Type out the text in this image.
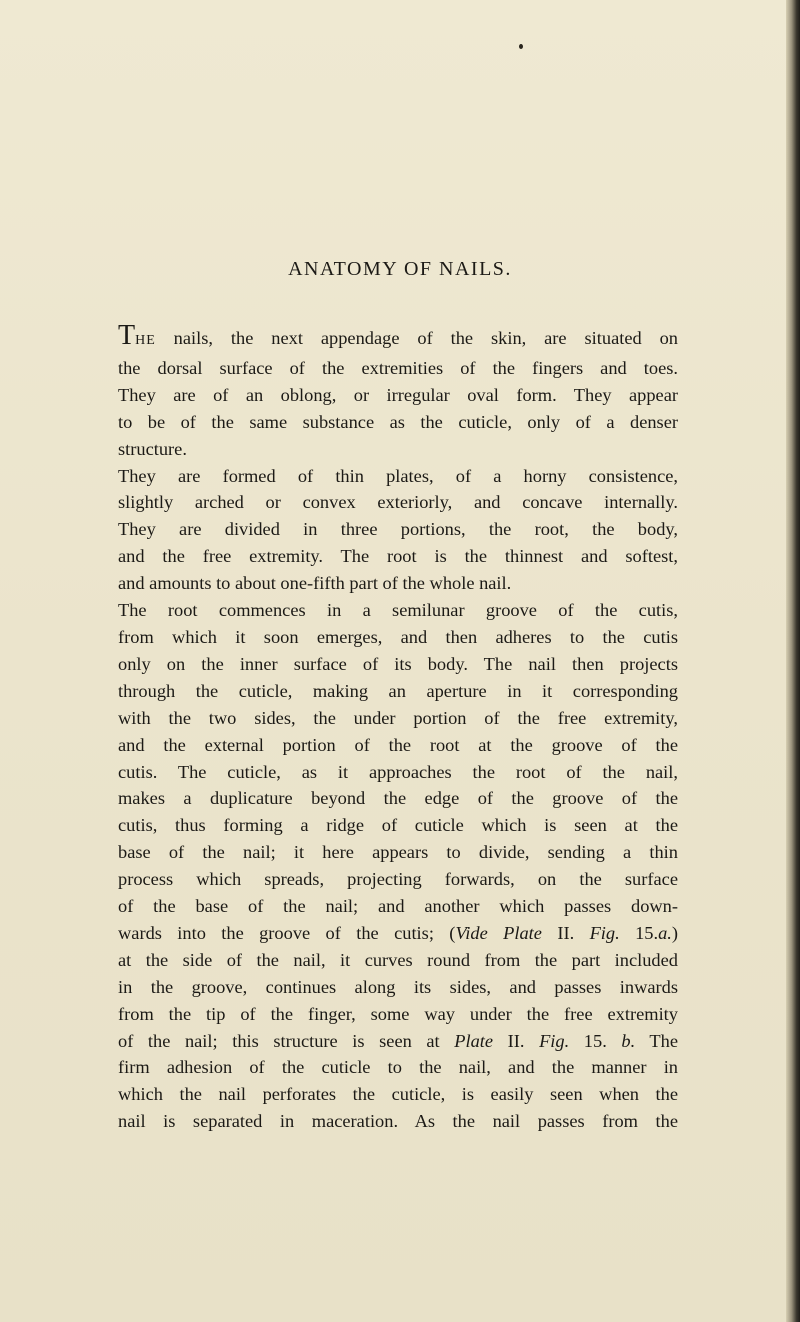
ANATOMY OF NAILS.
THE nails, the next appendage of the skin, are situated on
the dorsal surface of the extremities of the fingers and toes.
They are of an oblong, or irregular oval form. They appear
to be of the same substance as the cuticle, only of a denser
structure.
They are formed of thin plates, of a horny consistence,
slightly arched or convex exteriorly, and concave internally.
They are divided in three portions, the root, the body,
and the free extremity. The root is the thinnest and softest,
and amounts to about one-fifth part of the whole nail.
The root commences in a semilunar groove of the cutis,
from which it soon emerges, and then adheres to the cutis
only on the inner surface of its body. The nail then projects
through the cuticle, making an aperture in it corresponding
with the two sides, the under portion of the free extremity,
and the external portion of the root at the groove of the
cutis. The cuticle, as it approaches the root of the nail,
makes a duplicature beyond the edge of the groove of the
cutis, thus forming a ridge of cuticle which is seen at the
base of the nail; it here appears to divide, sending a thin
process which spreads, projecting forwards, on the surface
of the base of the nail; and another which passes down-
wards into the groove of the cutis; (Vide Plate II. Fig. 15.a.)
at the side of the nail, it curves round from the part included
in the groove, continues along its sides, and passes inwards
from the tip of the finger, some way under the free extremity
of the nail; this structure is seen at Plate II. Fig. 15. b. The
firm adhesion of the cuticle to the nail, and the manner in
which the nail perforates the cuticle, is easily seen when the
nail is separated in maceration. As the nail passes from the
